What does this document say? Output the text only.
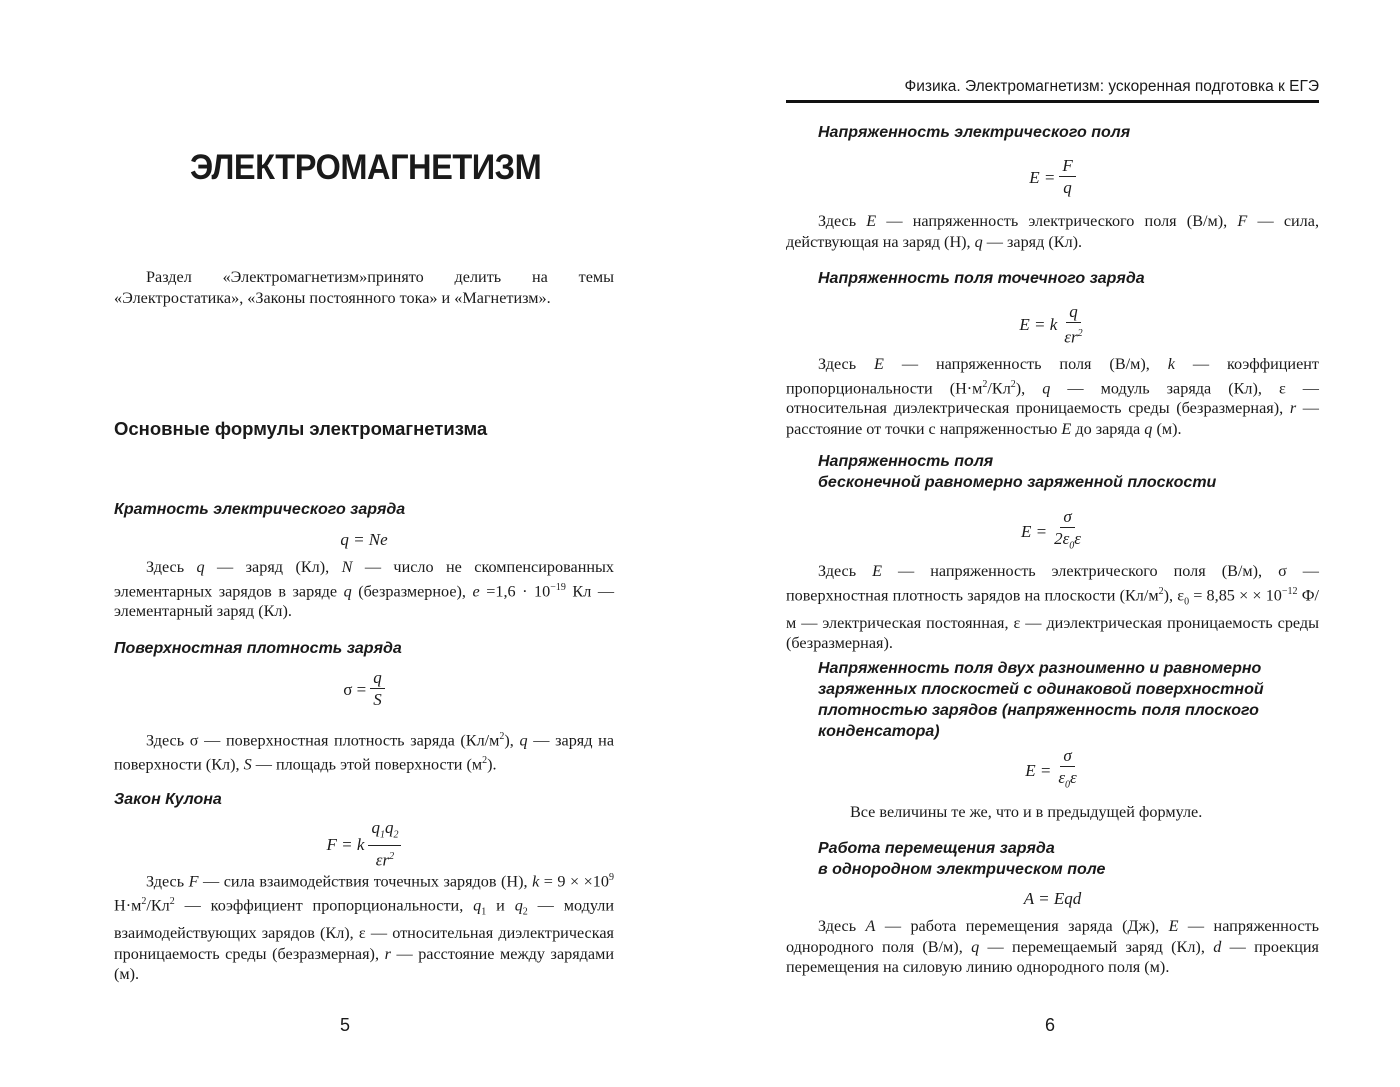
ЭЛЕКТРОМАГНЕТИЗМ

Раздел «Электромагнетизм»принято делить на темы «Электростатика», «Законы постоянного тока» и «Магнетизм».

Основные формулы электромагнетизма
Кратность электрического заряда
q = Ne

Здесь q — заряд (Кл), N — число не скомпенсированных элементарных зарядов в заряде q (безразмерное), $e =1,6 \cdot 10^{-19}$ Кл — элементарный заряд (Кл).

Поверхностная плотность заряда
$\sigma = \frac{q}{S}$

Здесь σ — поверхностная плотность заряда $(Кл/м^2)$, q — заряд на поверхности (Кл), S — площадь этой поверхности $(м^2)$.

Закон Кулона
F = k $\frac{q_1q_2}{\varepsilon r^2}$

Здесь F — сила взаимодействия точечных зарядов (Н), $k = 9 \times \times 10^9$ $Н\cdot м^2/Кл^2$ — коэффициент пропорциональности, $q_1$ и $q_2$ — модули взаимодействующих зарядов (Кл), ε — относительная диэлектрическая проницаемость среды (безразмерная), r — расстояние между зарядами (м).

5
Физика. Электромагнетизм: ускоренная подготовка к ЕГЭ
Напряженность электрического поля
$E = \frac{F}{q}$

Здесь E — напряженность электрического поля (В/м), F — сила, действующая на заряд (Н), q — заряд (Кл).

Напряженность поля точечного заряда
E = k $\frac{q}{\varepsilon r^2}$

Здесь E — напряженность поля (В/м), k — коэффициент пропорциональности $(Н\cdot м^2/Кл^2)$, q — модуль заряда (Кл), ε — относительная диэлектрическая проницаемость среды (безразмерная), r — расстояние от точки с напряженностью E до заряда q (м).

Напряженность поля
бесконечной равномерно заряженной плоскости
$E = \frac{\sigma}{2\varepsilon_0\varepsilon}$

Здесь E — напряженность электрического поля (В/м), σ — поверхностная плотность зарядов на плоскости $(Кл/м^2)$, $\varepsilon_0 = 8,85$ × × $10^{-12}$ Ф/м — электрическая постоянная, ε — диэлектрическая проницаемость среды (безразмерная).

Напряженность поля двух разноименно и равномерно
заряженных плоскостей с одинаковой поверхностной
плотностью зарядов (напряженность поля плоского
конденсатора)
$E = \frac{\sigma}{\varepsilon_0\varepsilon}$

Все величины те же, что и в предыдущей формуле.

Работа перемещения заряда
в однородном электрическом поле
A = Eqd

Здесь A — работа перемещения заряда (Дж), E — напряженность однородного поля (В/м), q — перемещаемый заряд (Кл), d — проекция перемещения на силовую линию однородного поля (м).

6
